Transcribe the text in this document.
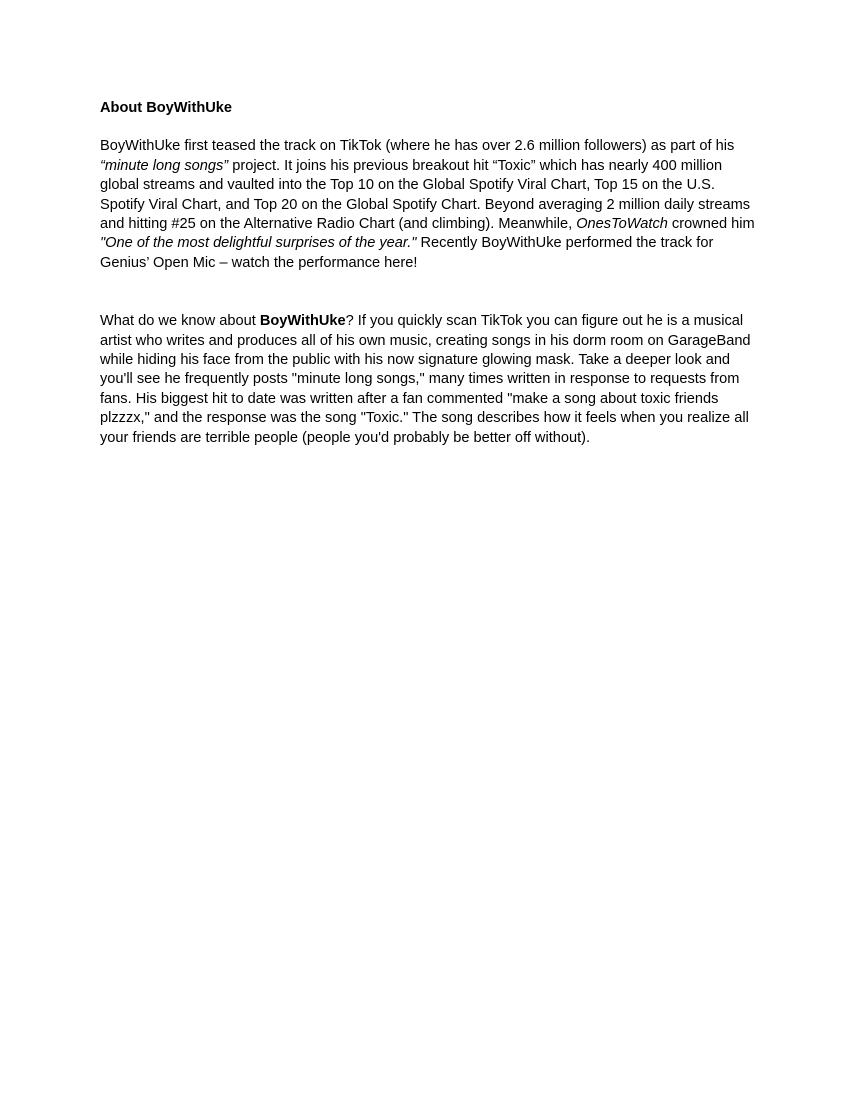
About BoyWithUke

BoyWithUke first teased the track on TikTok (where he has over 2.6 million followers) as part of his “minute long songs” project. It joins his previous breakout hit “Toxic” which has nearly 400 million global streams and vaulted into the Top 10 on the Global Spotify Viral Chart, Top 15 on the U.S. Spotify Viral Chart, and Top 20 on the Global Spotify Chart. Beyond averaging 2 million daily streams and hitting #25 on the Alternative Radio Chart (and climbing). Meanwhile, OnesToWatch crowned him "One of the most delightful surprises of the year." Recently BoyWithUke performed the track for Genius’ Open Mic – watch the performance here!

What do we know about BoyWithUke? If you quickly scan TikTok you can figure out he is a musical artist who writes and produces all of his own music, creating songs in his dorm room on GarageBand while hiding his face from the public with his now signature glowing mask. Take a deeper look and you'll see he frequently posts "minute long songs," many times written in response to requests from fans. His biggest hit to date was written after a fan commented "make a song about toxic friends plzzzx," and the response was the song "Toxic." The song describes how it feels when you realize all your friends are terrible people (people you'd probably be better off without).
